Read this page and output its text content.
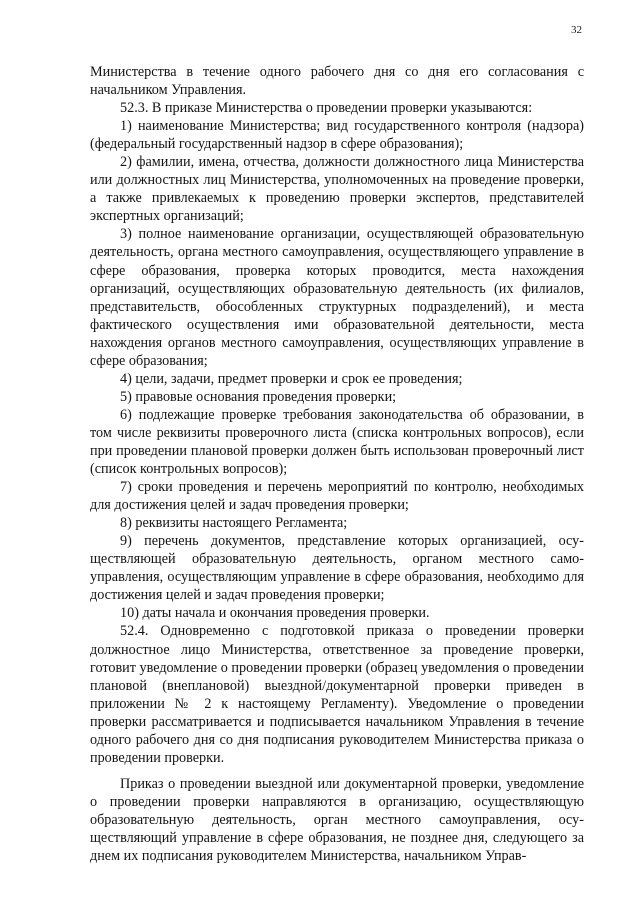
32

Министерства в течение одного рабочего дня со дня его согласования с начальником Управления.

52.3. В приказе Министерства о проведении проверки указываются:

1) наименование Министерства; вид государственного контроля (надзора) (федеральный государственный надзор в сфере образования);

2) фамилии, имена, отчества, должности должностного лица Министерства или должностных лиц Министерства, уполномоченных на проведение проверки, а также привлекаемых к проведению проверки экспертов, представителей экспертных организаций;

3) полное наименование организации, осуществляющей образовательную деятельность, органа местного самоуправления, осуществляющего управление в сфере образования, проверка которых проводится, места нахождения организаций, осуществляющих образовательную деятельность (их филиалов, представительств, обособленных структурных подразделений), и места фактического осуществления ими образовательной деятельности, места нахождения органов местного самоуправления, осуществляющих управление в сфере образования;

4) цели, задачи, предмет проверки и срок ее проведения;

5) правовые основания проведения проверки;

6) подлежащие проверке требования законодательства об образовании, в том числе реквизиты проверочного листа (списка контрольных вопросов), если при проведении плановой проверки должен быть использован проверочный лист (список контрольных вопросов);

7) сроки проведения и перечень мероприятий по контролю, необходимых для достижения целей и задач проведения проверки;

8) реквизиты настоящего Регламента;

9) перечень документов, представление которых организацией, осуществляющей образовательную деятельность, органом местного самоуправления, осуществляющим управление в сфере образования, необходимо для достижения целей и задач проведения проверки;

10) даты начала и окончания проведения проверки.

52.4. Одновременно с подготовкой приказа о проведении проверки должностное лицо Министерства, ответственное за проведение проверки, готовит уведомление о проведении проверки (образец уведомления о проведении плановой (внеплановой) выездной/документарной проверки приведен в приложении № 2 к настоящему Регламенту). Уведомление о проведении проверки рассматривается и подписывается начальником Управления в течение одного рабочего дня со дня подписания руководителем Министерства приказа о проведении проверки.

Приказ о проведении выездной или документарной проверки, уведомление о проведении проверки направляются в организацию, осуществляющую образовательную деятельность, орган местного самоуправления, осуществляющий управление в сфере образования, не позднее дня, следующего за днем их подписания руководителем Министерства, начальником Управ-
